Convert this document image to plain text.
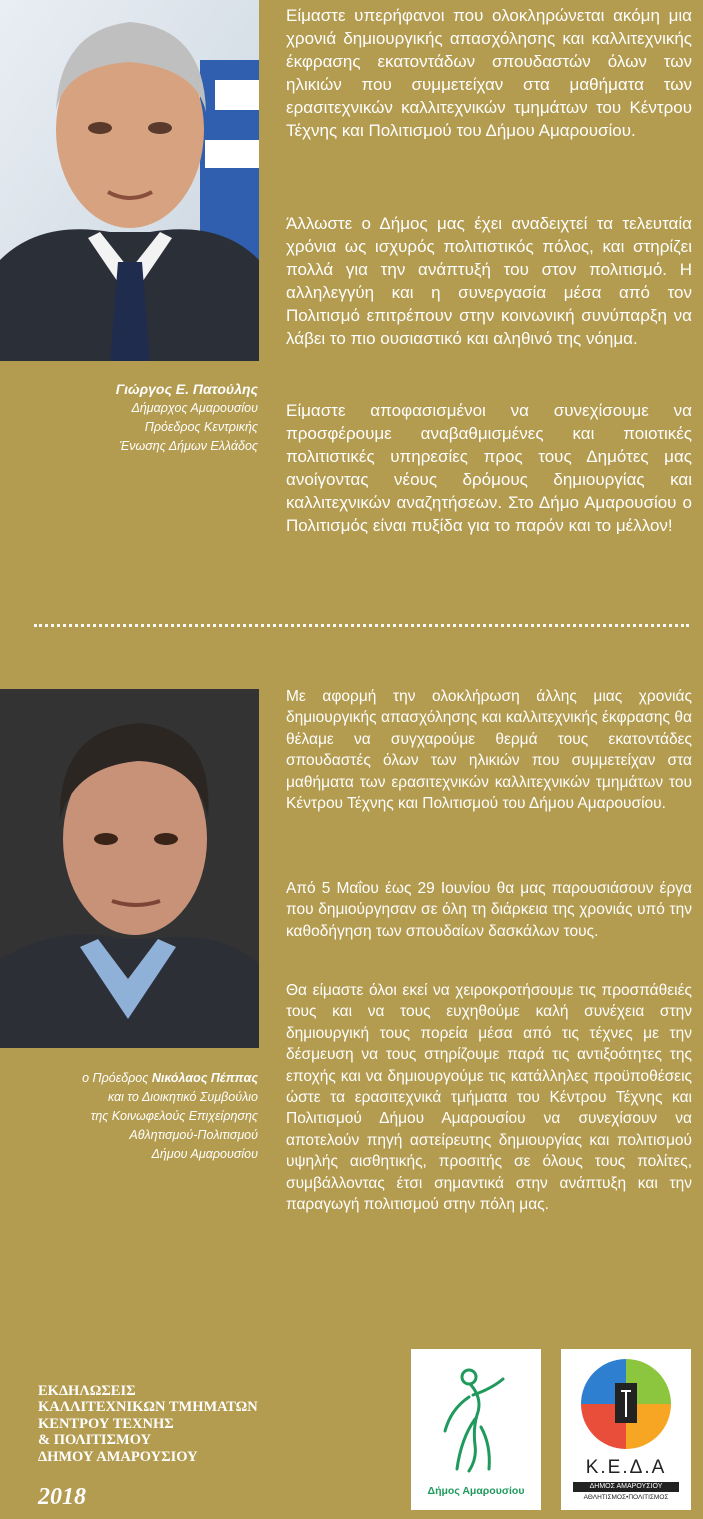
Γιώργος Ε. Πατούλης
Δήμαρχος Αμαρουσίου
Πρόεδρος Κεντρικής
Ένωσης Δήμων Ελλάδος

Είμαστε υπερήφανοι που ολοκληρώνεται ακόμη μια χρονιά δημιουργικής απασχόλησης και καλλιτεχνικής έκφρασης εκατοντάδων σπουδαστών όλων των ηλικιών που συμμετείχαν στα μαθήματα των ερασιτεχνικών καλλιτεχνικών τμημάτων του Κέντρου Τέχνης και Πολιτισμού του Δήμου Αμαρουσίου.

Άλλωστε ο Δήμος μας έχει αναδειχτεί τα τελευταία χρόνια ως ισχυρός πολιτιστικός πόλος, και στηρίζει πολλά για την ανάπτυξή του στον πολιτισμό. Η αλληλεγγύη και η συνεργασία μέσα από τον Πολιτισμό επιτρέπουν στην κοινωνική συνύπαρξη να λάβει το πιο ουσιαστικό και αληθινό της νόημα.

Είμαστε αποφασισμένοι να συνεχίσουμε να προσφέρουμε αναβαθμισμένες και ποιοτικές πολιτιστικές υπηρεσίες προς τους Δημότες μας ανοίγοντας νέους δρόμους δημιουργίας και καλλιτεχνικών αναζητήσεων. Στο Δήμο Αμαρουσίου ο Πολιτισμός είναι πυξίδα για το παρόν και το μέλλον!

ο Πρόεδρος Νικόλαος Πέππας
και το Διοικητικό Συμβούλιο
της Κοινωφελούς Επιχείρησης
Αθλητισμού-Πολιτισμού
Δήμου Αμαρουσίου

Με αφορμή την ολοκλήρωση άλλης μιας χρονιάς δημιουργικής απασχόλησης και καλλιτεχνικής έκφρασης θα θέλαμε να συγχαρούμε θερμά τους εκατοντάδες σπουδαστές όλων των ηλικιών που συμμετείχαν στα μαθήματα των ερασιτεχνικών καλλιτεχνικών τμημάτων του Κέντρου Τέχνης και Πολιτισμού του Δήμου Αμαρουσίου.

Από 5 Μαΐου έως 29 Ιουνίου θα μας παρουσιάσουν έργα που δημιούργησαν σε όλη τη διάρκεια της χρονιάς υπό την καθοδήγηση των σπουδαίων δασκάλων τους.

Θα είμαστε όλοι εκεί να χειροκροτήσουμε τις προσπάθειές τους και να τους ευχηθούμε καλή συνέχεια στην δημιουργική τους πορεία μέσα από τις τέχνες με την δέσμευση να τους στηρίζουμε παρά τις αντιξοότητες της εποχής και να δημιουργούμε τις κατάλληλες προϋποθέσεις ώστε τα ερασιτεχνικά τμήματα του Κέντρου Τέχνης και Πολιτισμού Δήμου Αμαρουσίου να συνεχίσουν να αποτελούν πηγή αστείρευτης δημιουργίας και πολιτισμού υψηλής αισθητικής, προσιτής σε όλους τους πολίτες, συμβάλλοντας έτσι σημαντικά στην ανάπτυξη και την παραγωγή πολιτισμού στην πόλη μας.

ΕΚΔΗΛΩΣΕΙΣ
ΚΑΛΛΙΤΕΧΝΙΚΩΝ ΤΜΗΜΑΤΩΝ
ΚΕΝΤΡΟΥ ΤΕΧΝΗΣ
& ΠΟΛΙΤΙΣΜΟΥ
ΔΗΜΟΥ ΑΜΑΡΟΥΣΙΟΥ
2018	Δήμος Αμαρουσίου
Κ.Ε.Δ.Α
ΔΗΜΟΣ ΑΜΑΡΟΥΣΙΟΥ
ΑΘΛΗΤΙΣΜΟΣ•ΠΟΛΙΤΙΣΜΟΣ
